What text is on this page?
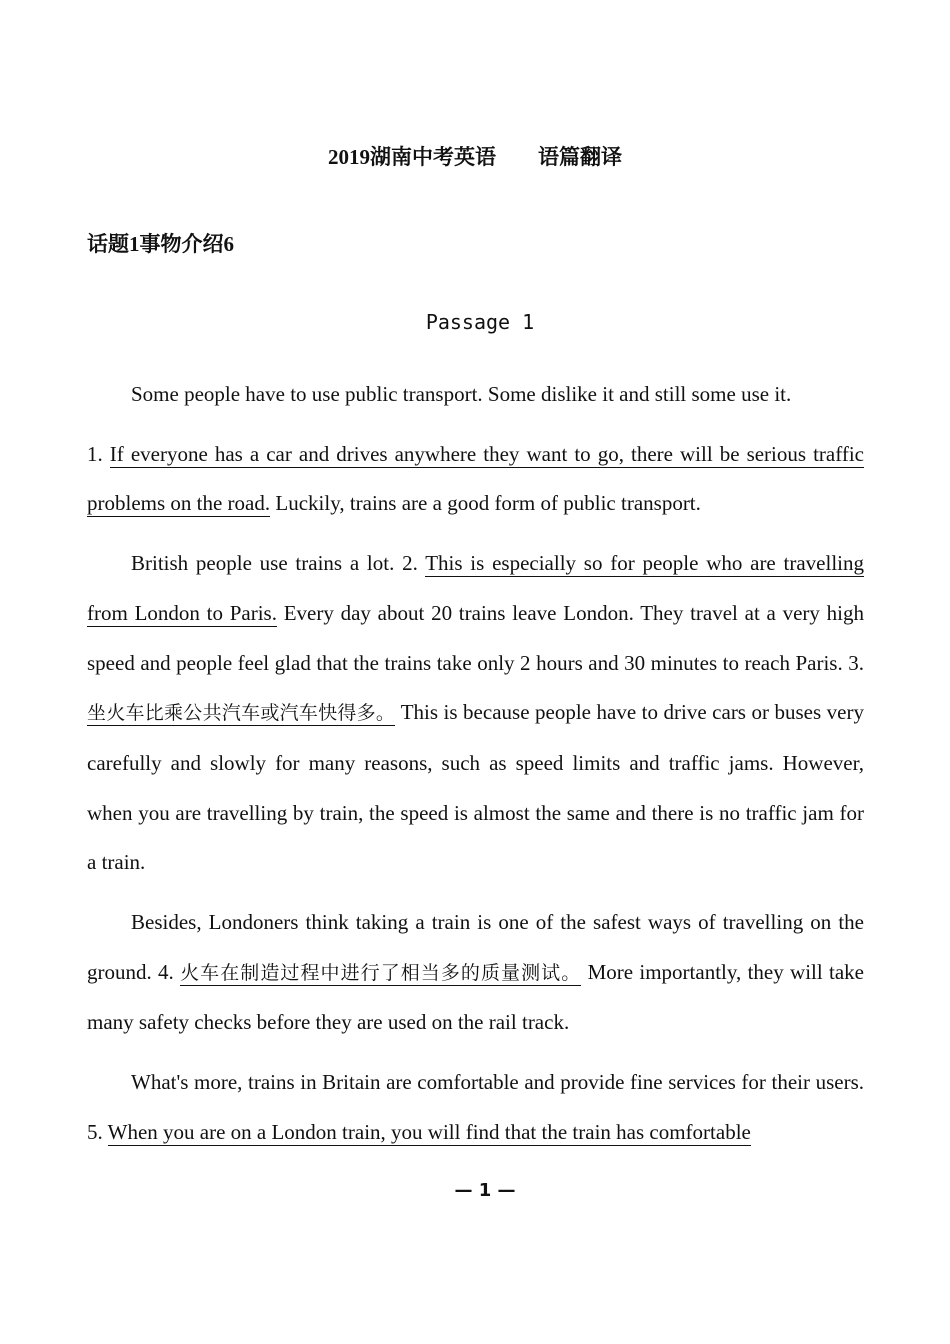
2019湖南中考英语　　语篇翻译
话题1事物介绍6
Passage 1

Some people have to use public transport. Some dislike it and still some use it.

1. If everyone has a car and drives anywhere they want to go, there will be serious traffic problems on the road. Luckily, trains are a good form of public transport.

British people use trains a lot. 2. This is especially so for people who are travelling from London to Paris. Every day about 20 trains leave London. They travel at a very high speed and people feel glad that the trains take only 2 hours and 30 minutes to reach Paris. 3. 坐火车比乘公共汽车或汽车快得多。 This is because people have to drive cars or buses very carefully and slowly for many reasons, such as speed limits and traffic jams. However, when you are travelling by train, the speed is almost the same and there is no traffic jam for a train.

Besides, Londoners think taking a train is one of the safest ways of travelling on the ground. 4. 火车在制造过程中进行了相当多的质量测试。 More importantly, they will take many safety checks before they are used on the rail track.

What's more, trains in Britain are comfortable and provide fine services for their users. 5. When you are on a London train, you will find that the train has comfortable

— 1 —
